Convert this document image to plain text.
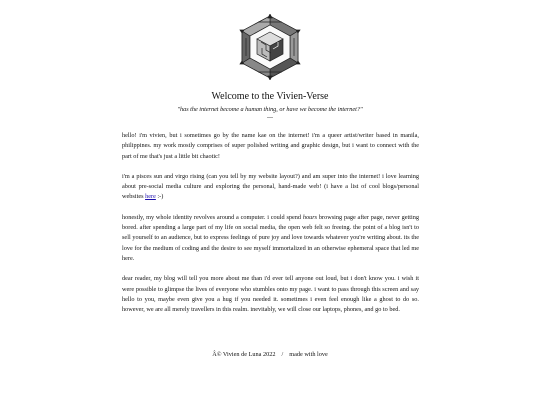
Welcome to the Vivien-Verse
"has the internet become a human thing, or have we become the internet?"
---

hello! i'm vivien, but i sometimes go by the name kae on the internet! i'm a queer artist/writer based in manila, philippines. my work mostly comprises of super polished writing and graphic design, but i want to connect with the part of me that's just a little bit chaotic!

i'm a pisces sun and virgo rising (can you tell by my website layout?) and am super into the internet! i love learning about pre-social media culture and exploring the personal, hand-made web! (i have a list of cool blogs/personal websites here :-)

honestly, my whole identity revolves around a computer. i could spend hours browsing page after page, never getting bored. after spending a large part of my life on social media, the open web felt so freeing. the point of a blog isn't to sell yourself to an audience, but to express feelings of pure joy and love towards whatever you're writing about. its the love for the medium of coding and the desire to see myself immortalized in an otherwise ephemeral space that led me here.

dear reader, my blog will tell you more about me than i'd ever tell anyone out loud, but i don't know you. i wish it were possible to glimpse the lives of everyone who stumbles onto my page. i want to pass through this screen and say hello to you, maybe even give you a hug if you needed it. sometimes i even feel enough like a ghost to do so. however, we are all merely travellers in this realm. inevitably, we will close our laptops, phones, and go to bed.

Â© Vivien de Luna 2022 / made with love
